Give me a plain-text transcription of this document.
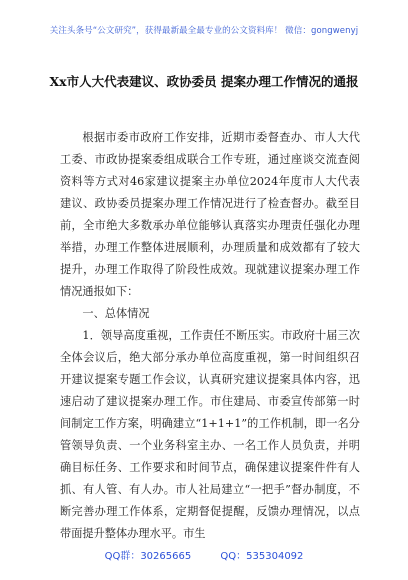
关注头条号“公文研究”，获得最新最全最专业的公文资料库！ 微信：gongwenyj
Xx市人大代表建议、政协委员 提案办理工作情况的通报

根据市委市政府工作安排，近期市委督查办、市人大代工委、市政协提案委组成联合工作专班，通过座谈交流查阅资料等方式对46家建议提案主办单位2024年度市人大代表建议、政协委员提案办理工作情况进行了检查督办。截至目前，全市绝大多数承办单位能够认真落实办理责任强化办理举措，办理工作整体进展顺利，办理质量和成效都有了较大提升，办理工作取得了阶段性成效。现就建议提案办理工作情况通报如下：

一、总体情况

1．领导高度重视，工作责任不断压实。市政府十届三次全体会议后，绝大部分承办单位高度重视，第一时间组织召开建议提案专题工作会议，认真研究建议提案具体内容，迅速启动了建议提案办理工作。市住建局、市委宣传部第一时间制定工作方案，明确建立“1+1+1”的工作机制，即一名分管领导负责、一个业务科室主办、一名工作人员负责，并明确目标任务、工作要求和时间节点，确保建议提案件件有人抓、有人管、有人办。市人社局建立“一把手”督办制度，不断完善办理工作体系，定期督促提醒，反馈办理情况，以点带面提升整体办理水平。市生

QQ群：30265665	QQ：535304092
